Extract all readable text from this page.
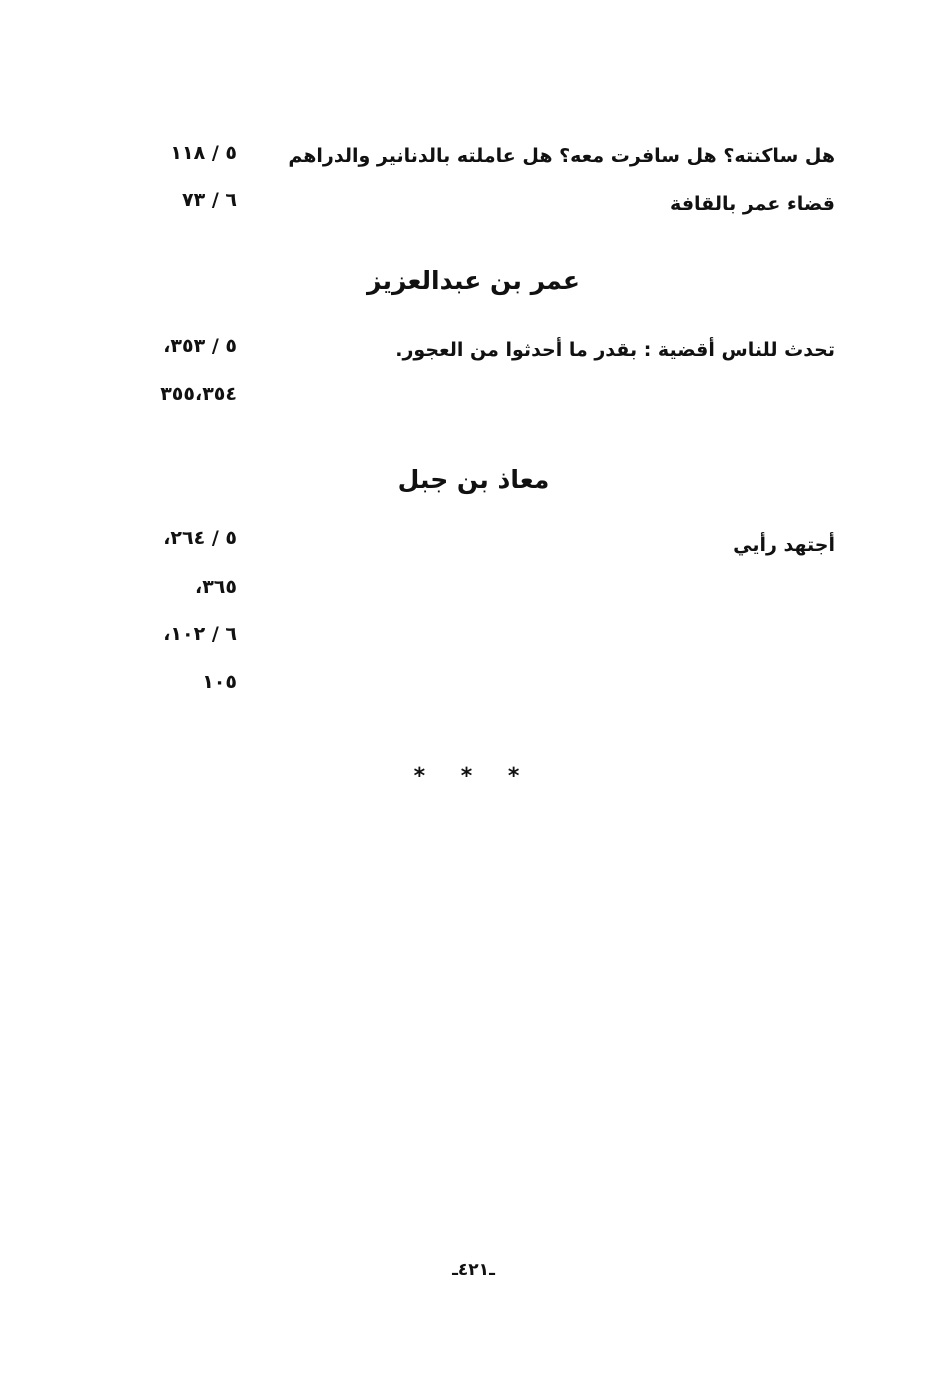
هل ساكنته؟ هل سافرت معه؟ هل عاملته بالدنانير والدراهم
٥ / ١١٨
قضاء عمر بالقافة
٦ / ٧٣
عمر بن عبدالعزيز
تحدث للناس أقضية : بقدر ما أحدثوا من العجور.
٥ / ٣٥٣،
٣٥٥،٣٥٤
معاذ بن جبل
أجتهد رأيي
٥ / ٢٦٤،
٣٦٥،
٦ / ١٠٢،
١٠٥
* * *
ـ٤٢١ـ
